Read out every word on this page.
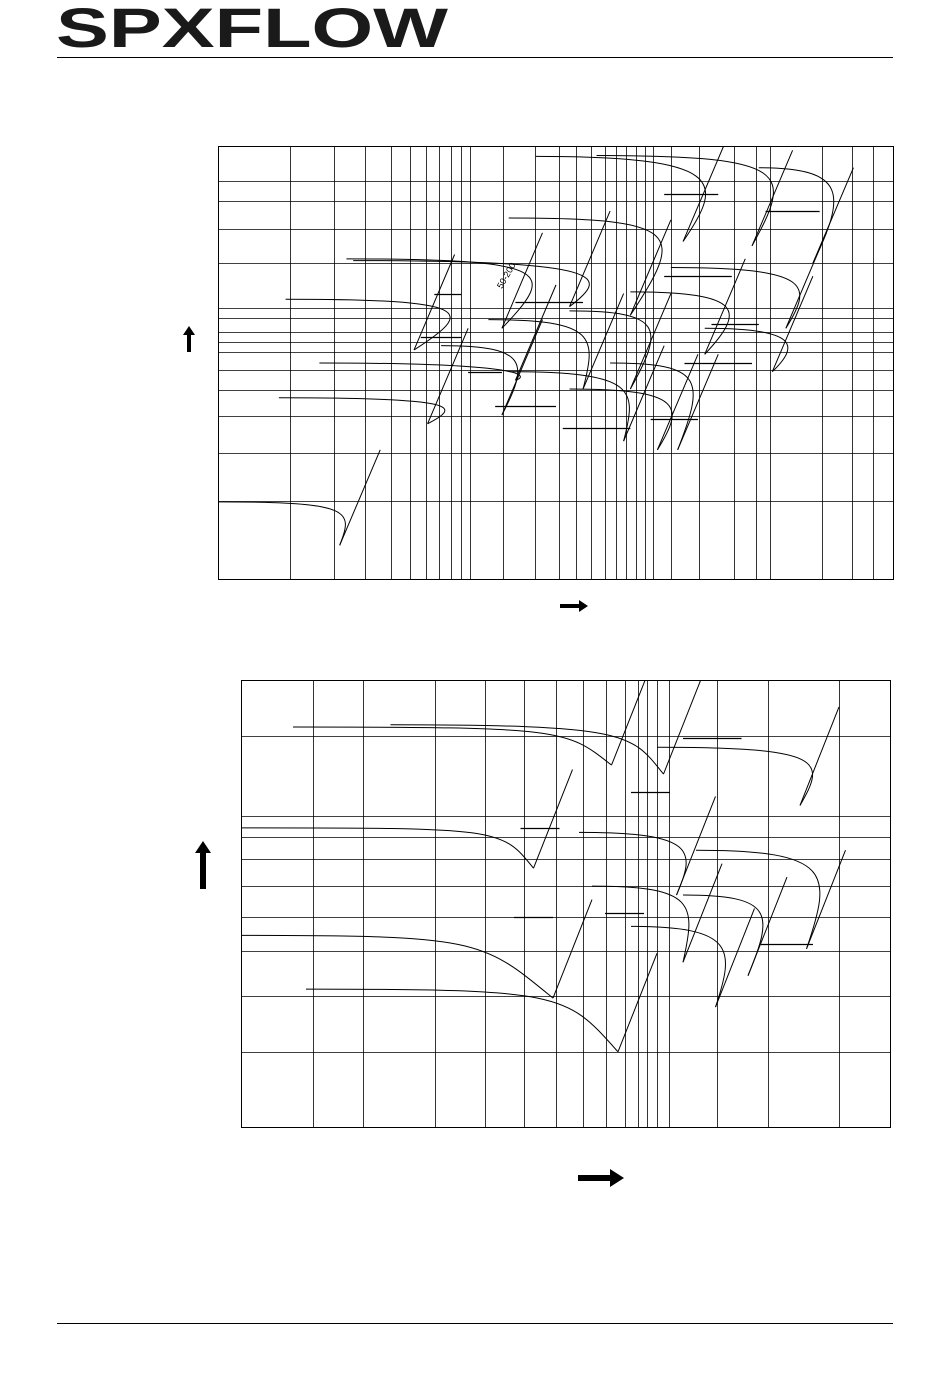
SPXFLOW
50-200
